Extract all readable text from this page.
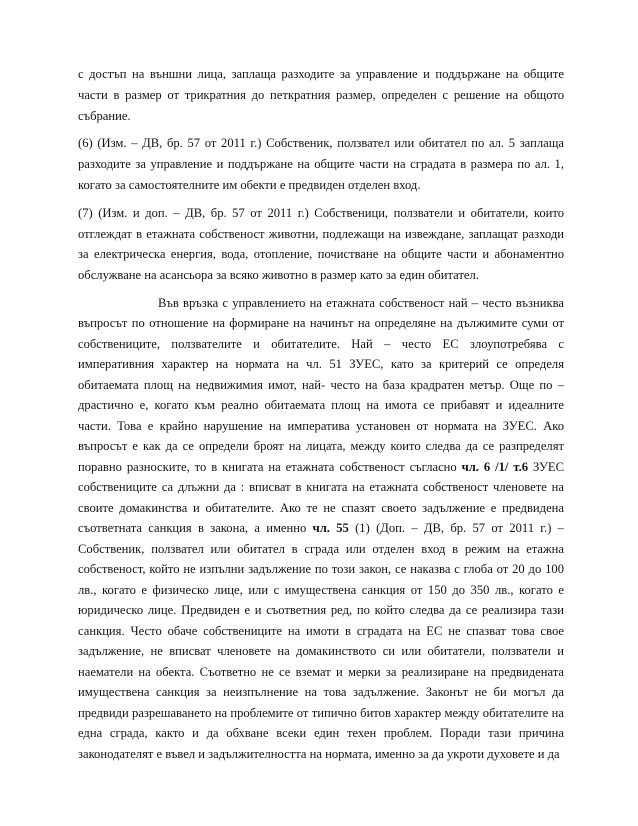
с достъп на външни лица, заплаща разходите за управление и поддържане на общите части в размер от трикратния до петкратния размер, определен с решение на общото събрание.

(6) (Изм. – ДВ, бр. 57 от 2011 г.) Собственик, ползвател или обитател по ал. 5 заплаща разходите за управление и поддържане на общите части на сградата в размера по ал. 1, когато за самостоятелните им обекти е предвиден отделен вход.

(7) (Изм. и доп. – ДВ, бр. 57 от 2011 г.) Собственици, ползватели и обитатели, които отглеждат в етажната собственост животни, подлежащи на извеждане, заплащат разходи за електрическа енергия, вода, отопление, почистване на общите части и абонаментно обслужване на асансьора за всяко животно в размер като за един обитател.

Във връзка с управлението на етажната собственост най – често възниква въпросът по отношение на формиране на начинът на определяне на дължимите суми от собствениците, ползвателите и обитателите. Най – често ЕС злоупотребява с императивния характер на нормата на чл. 51 ЗУЕС, като за критерий се определя обитаемата площ на недвижимия имот, най- често на база крадратен метър. Още по – драстично е, когато към реално обитаемата площ на имота се прибавят и идеалните части. Това е крайно нарушение на императива установен от нормата на ЗУЕС. Ако въпросът е как да се определи броят на лицата, между които следва да се разпределят поравно разноските, то в книгата на етажната собственост съгласно чл. 6 /1/ т.6 ЗУЕС собствениците са длъжни да : вписват в книгата на етажната собственост членовете на своите домакинства и обитателите. Ако те не спазят своето задължение е предвидена съответната санкция в закона, а именно чл. 55 (1) (Доп. – ДВ, бр. 57 от 2011 г.) – Собственик, ползвател или обитател в сграда или отделен вход в режим на етажна собственост, който не изпълни задължение по този закон, се наказва с глоба от 20 до 100 лв., когато е физическо лице, или с имуществена санкция от 150 до 350 лв., когато е юридическо лице. Предвиден е и съответния ред, по който следва да се реализира тази санкция. Често обаче собствениците на имоти в сградата на ЕС не спазват това свое задължение, не вписват членовете на домакинството си или обитатели, ползватели и наематели на обекта. Съответно не се вземат и мерки за реализиране на предвидената имуществена санкция за неизпълнение на това задължение. Законът не би могъл да предвиди разрешаването на проблемите от типично битов характер между обитателите на една сграда, както и да обхване всеки един техен проблем. Поради тази причина законодателят е въвел и задължителността на нормата, именно за да укроти духовете и да
